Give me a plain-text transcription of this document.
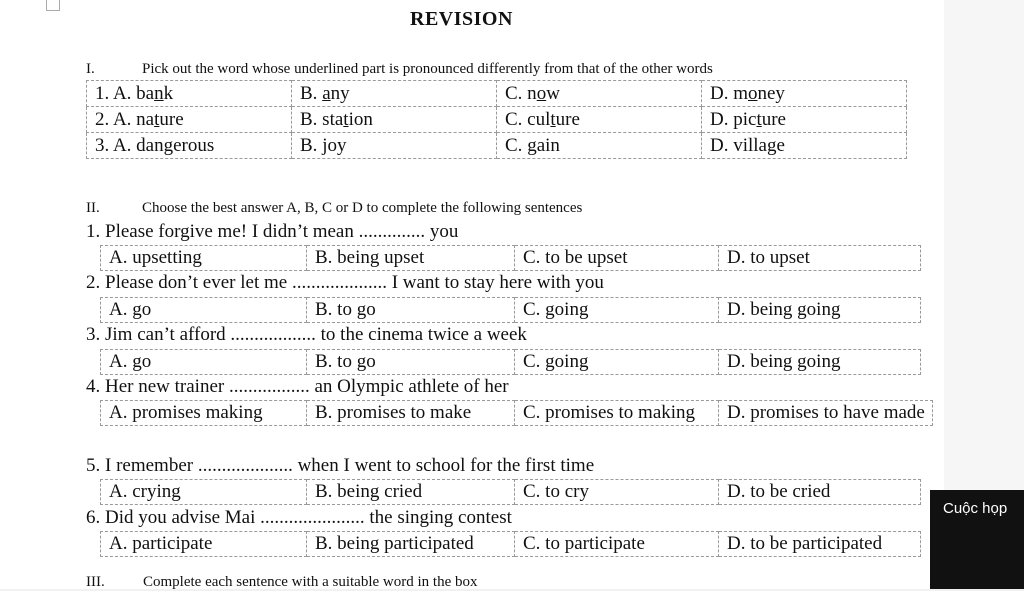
REVISION
I.	Pick out the word whose underlined part is pronounced differently from that of the other words
1. A. bank	B. any	C. now	D. money
2. A. nature	B. station	C. culture	D. picture
3. A. dangerous	B. joy	C. gain	D. village
II.	Choose the best answer A, B, C or D to complete the following sentences
1. Please forgive me! I didn’t mean .............. you
A. upsetting	B. being upset	C. to be upset	D. to upset
2. Please don’t ever let me .................... I want to stay here with you
A. go	B. to go	C. going	D. being going
3. Jim can’t afford .................. to the cinema twice a week
A. go	B. to go	C. going	D. being going
4. Her new trainer ................. an Olympic athlete of her
A. promises making	B. promises to make	C. promises to making	D. promises to have made
5. I remember .................... when I went to school for the first time
A. crying	B. being cried	C. to cry	D. to be cried
6. Did you advise Mai ...................... the singing contest
A. participate	B. being participated	C. to participate	D. to be participated
III.	Complete each sentence with a suitable word in the box
Cuộc họp
